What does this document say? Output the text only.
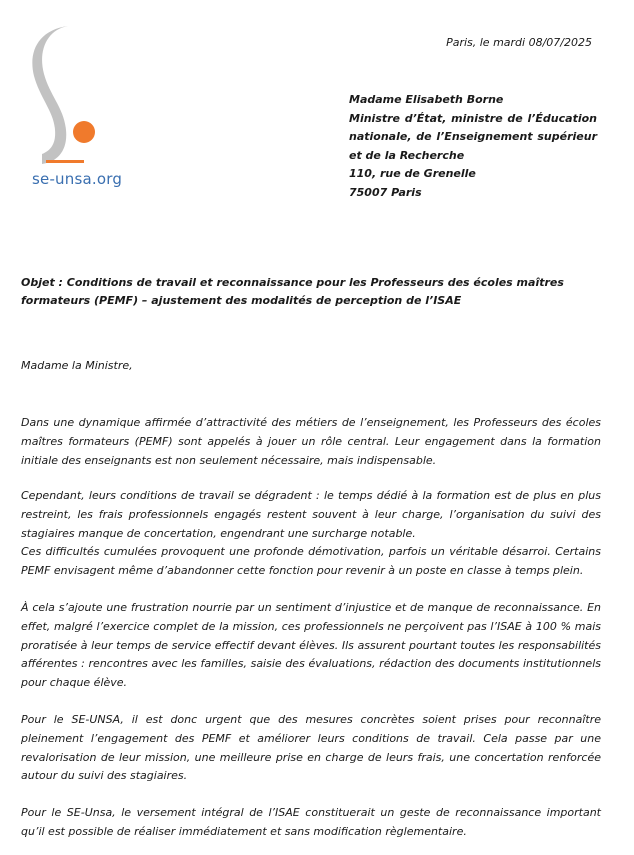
se-unsa.org
Paris, le mardi 08/07/2025
Madame Elisabeth Borne
Ministre d’État, ministre de l’Éducation nationale, de l’Enseignement supérieur et de la Recherche
110, rue de Grenelle
75007 Paris
Objet : Conditions de travail et reconnaissance pour les Professeurs des écoles maîtres formateurs (PEMF) – ajustement des modalités de perception de l’ISAE
Madame la Ministre,

Dans une dynamique affirmée d’attractivité des métiers de l’enseignement, les Professeurs des écoles maîtres formateurs (PEMF) sont appelés à jouer un rôle central. Leur engagement dans la formation initiale des enseignants est non seulement nécessaire, mais indispensable.

Cependant, leurs conditions de travail se dégradent : le temps dédié à la formation est de plus en plus restreint, les frais professionnels engagés restent souvent à leur charge, l’organisation du suivi des stagiaires manque de concertation, engendrant une surcharge notable.

Ces difficultés cumulées provoquent une profonde démotivation, parfois un véritable désarroi. Certains PEMF envisagent même d’abandonner cette fonction pour revenir à un poste en classe à temps plein.

À cela s’ajoute une frustration nourrie par un sentiment d’injustice et de manque de reconnaissance. En effet, malgré l’exercice complet de la mission, ces professionnels ne perçoivent pas l’ISAE à 100 % mais proratisée à leur temps de service effectif devant élèves. Ils assurent pourtant toutes les responsabilités afférentes : rencontres avec les familles, saisie des évaluations, rédaction des documents institutionnels pour chaque élève.

Pour le SE-UNSA, il est donc urgent que des mesures concrètes soient prises pour reconnaître pleinement l’engagement des PEMF et améliorer leurs conditions de travail. Cela passe par une revalorisation de leur mission, une meilleure prise en charge de leurs frais, une concertation renforcée autour du suivi des stagiaires.

Pour le SE-Unsa, le versement intégral de l’ISAE constituerait un geste de reconnaissance important qu’il est possible de réaliser immédiatement et sans modification règlementaire.
